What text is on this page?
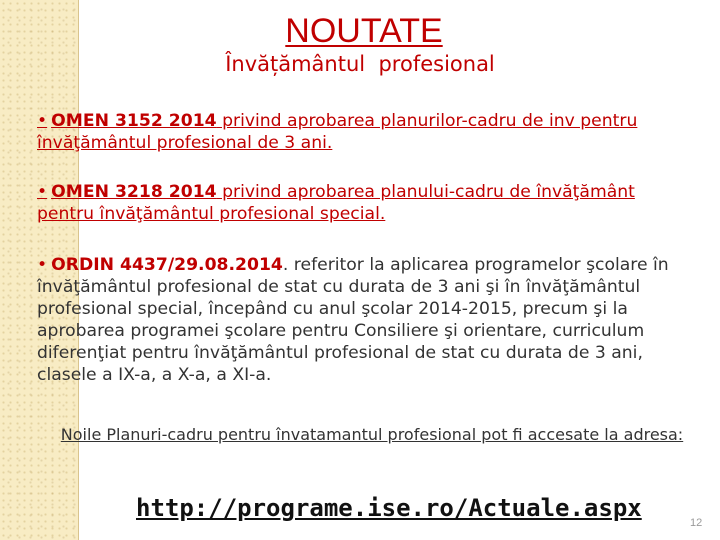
NOUTATE
Învățământul  profesional
• OMEN 3152 2014 privind aprobarea planurilor-cadru de inv pentru învăţământul profesional de 3 ani.
• OMEN 3218 2014 privind aprobarea planului-cadru de învăţământ pentru învăţământul profesional special.
• ORDIN 4437/29.08.2014. referitor la aplicarea programelor şcolare în învăţământul profesional de stat cu durata de 3 ani şi în învăţământul profesional special, începând cu anul şcolar 2014-2015, precum şi la aprobarea programei şcolare pentru Consiliere şi orientare, curriculum diferenţiat pentru învăţământul profesional de stat cu durata de 3 ani, clasele a IX-a, a X-a, a XI-a.
Noile Planuri-cadru pentru învatamantul profesional pot fi accesate la adresa:
http://programe.ise.ro/Actuale.aspx
12
